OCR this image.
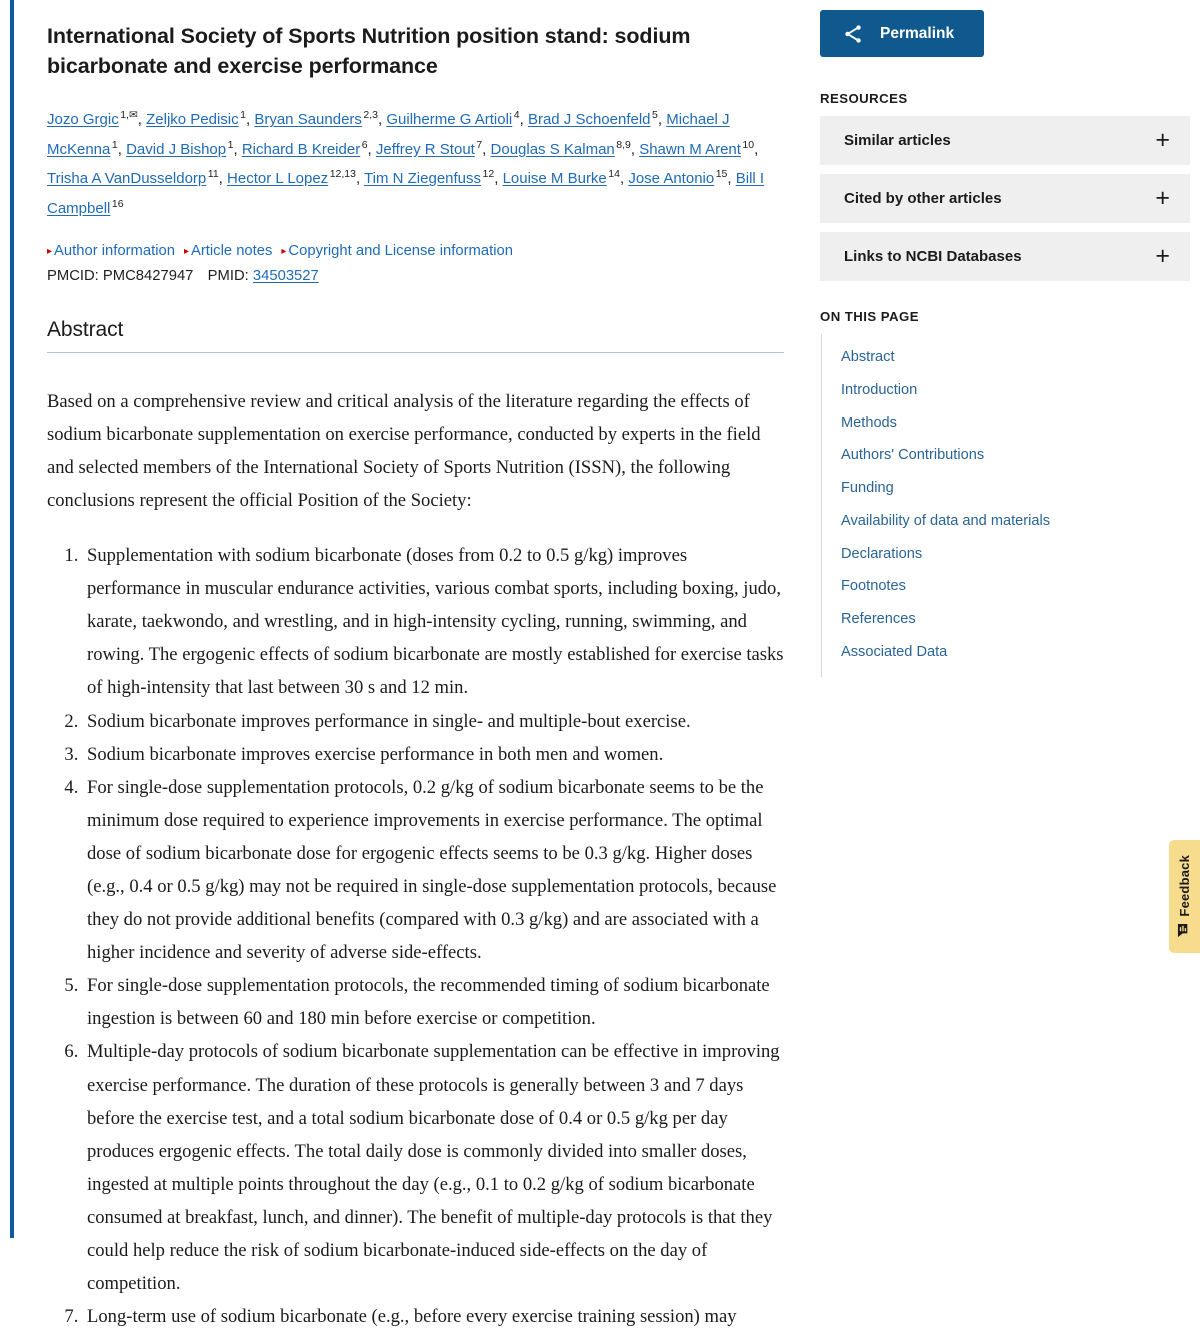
International Society of Sports Nutrition position stand: sodium bicarbonate and exercise performance
Jozo Grgic $^{1,✉}$, Zeljko Pedisic $^1$, Bryan Saunders $^{2,3}$, Guilherme G Artioli $^4$, Brad J Schoenfeld $^5$, Michael J McKenna $^1$, David J Bishop $^1$, Richard B Kreider $^6$, Jeffrey R Stout $^7$, Douglas S Kalman $^{8,9}$, Shawn M Arent $^{10}$, Trisha A VanDusseldorp $^{11}$, Hector L Lopez $^{12,13}$, Tim N Ziegenfuss $^{12}$, Louise M Burke $^{14}$, Jose Antonio $^{15}$, Bill I Campbell $^{16}$
▸ Author information ▸ Article notes ▸ Copyright and License information
PMCID: PMC8427947 PMID: 34503527
Abstract

Based on a comprehensive review and critical analysis of the literature regarding the effects of sodium bicarbonate supplementation on exercise performance, conducted by experts in the field and selected members of the International Society of Sports Nutrition (ISSN), the following conclusions represent the official Position of the Society:

1. Supplementation with sodium bicarbonate (doses from 0.2 to 0.5 g/kg) improves performance in muscular endurance activities, various combat sports, including boxing, judo, karate, taekwondo, and wrestling, and in high-intensity cycling, running, swimming, and rowing. The ergogenic effects of sodium bicarbonate are mostly established for exercise tasks of high-intensity that last between 30 s and 12 min.
2. Sodium bicarbonate improves performance in single- and multiple-bout exercise.
3. Sodium bicarbonate improves exercise performance in both men and women.
4. For single-dose supplementation protocols, 0.2 g/kg of sodium bicarbonate seems to be the minimum dose required to experience improvements in exercise performance. The optimal dose of sodium bicarbonate dose for ergogenic effects seems to be 0.3 g/kg. Higher doses (e.g., 0.4 or 0.5 g/kg) may not be required in single-dose supplementation protocols, because they do not provide additional benefits (compared with 0.3 g/kg) and are associated with a higher incidence and severity of adverse side-effects.
5. For single-dose supplementation protocols, the recommended timing of sodium bicarbonate ingestion is between 60 and 180 min before exercise or competition.
6. Multiple-day protocols of sodium bicarbonate supplementation can be effective in improving exercise performance. The duration of these protocols is generally between 3 and 7 days before the exercise test, and a total sodium bicarbonate dose of 0.4 or 0.5 g/kg per day produces ergogenic effects. The total daily dose is commonly divided into smaller doses, ingested at multiple points throughout the day (e.g., 0.1 to 0.2 g/kg of sodium bicarbonate consumed at breakfast, lunch, and dinner). The benefit of multiple-day protocols is that they could help reduce the risk of sodium bicarbonate-induced side-effects on the day of competition.
7. Long-term use of sodium bicarbonate (e.g., before every exercise training session) may
Permalink
RESOURCES
Similar articles	+
Cited by other articles	+
Links to NCBI Databases	+
ON THIS PAGE
Abstract
Introduction
Methods
Authors' Contributions
Funding
Availability of data and materials
Declarations
Footnotes
References
Associated Data
Feedback
